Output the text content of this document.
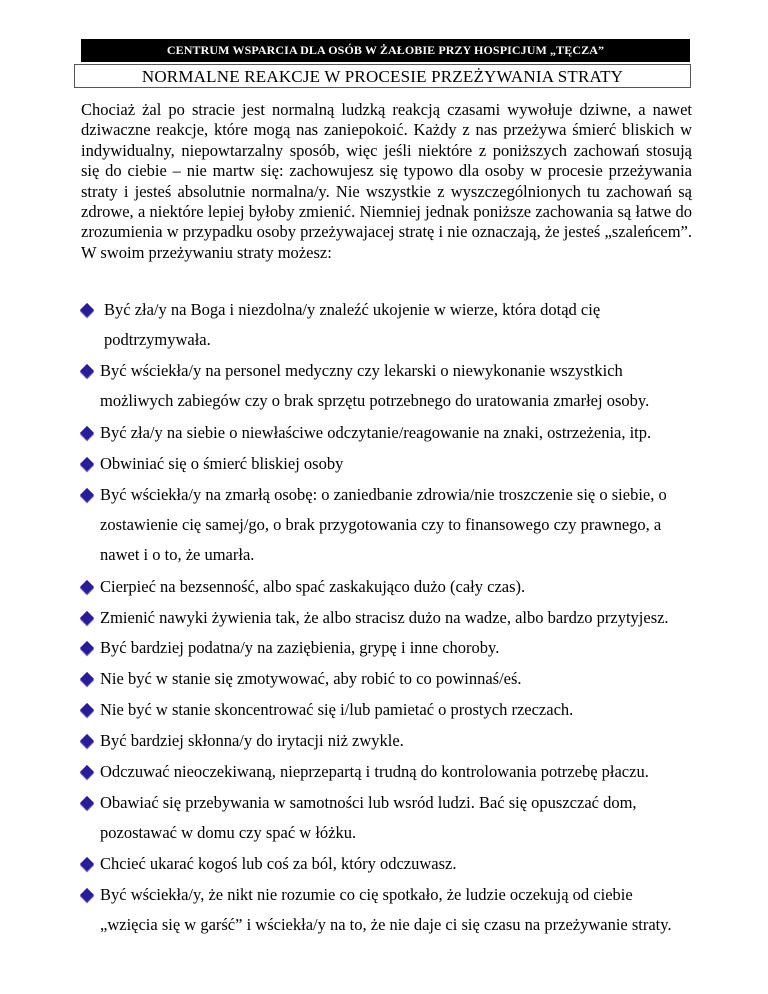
CENTRUM WSPARCIA DLA OSÓB W ŻAŁOBIE PRZY HOSPICJUM „TĘCZA”
NORMALNE REAKCJE W PROCESIE PRZEŻYWANIA STRATY

Chociaż żal po stracie jest normalną ludzką reakcją czasami wywołuje dziwne, a nawet dziwaczne reakcje, które mogą nas zaniepokoić. Każdy z nas przeżywa śmierć bliskich w indywidualny, niepowtarzalny sposób, więc jeśli niektóre z poniższych zachowań stosują się do ciebie – nie martw się: zachowujesz się typowo dla osoby w procesie przeżywania straty i jesteś absolutnie normalna/y. Nie wszystkie z wyszczególnionych tu zachowań są zdrowe, a niektóre lepiej byłoby zmienić. Niemniej jednak poniższe zachowania są łatwe do zrozumienia w przypadku osoby przeżywajacej stratę i nie oznaczają, że jesteś „szaleńcem”. W swoim przeżywaniu straty możesz:

Być zła/y na Boga i niezdolna/y znaleźć ukojenie w wierze, która dotąd cię podtrzymywała.
Być wściekła/y na personel medyczny czy lekarski o niewykonanie wszystkich możliwych zabiegów czy o brak sprzętu potrzebnego do uratowania zmarłej osoby.
Być zła/y na siebie o niewłaściwe odczytanie/reagowanie na znaki, ostrzeżenia, itp.
Obwiniać się o śmierć bliskiej osoby
Być wściekła/y na zmarłą osobę: o zaniedbanie zdrowia/nie troszczenie się o siebie, o zostawienie cię samej/go, o brak przygotowania czy to finansowego czy prawnego, a nawet i o to, że umarła.
Cierpieć na bezsenność, albo spać zaskakująco dużo (cały czas).
Zmienić nawyki żywienia tak, że albo stracisz dużo na wadze, albo bardzo przytyjesz.
Być bardziej podatna/y na zaziębienia, grypę i inne choroby.
Nie być w stanie się zmotywować, aby robić to co powinnaś/eś.
Nie być w stanie skoncentrować się i/lub pamietać o prostych rzeczach.
Być bardziej skłonna/y do irytacji niż zwykle.
Odczuwać nieoczekiwaną, nieprzepartą i trudną do kontrolowania potrzebę płaczu.
Obawiać się przebywania w samotności lub wsród ludzi. Bać się opuszczać dom, pozostawać w domu czy spać w łóżku.
Chcieć ukarać kogoś lub coś za ból, który odczuwasz.
Być wściekła/y, że nikt nie rozumie co cię spotkało, że ludzie oczekują od ciebie „wzięcia się w garść” i wściekła/y na to, że nie daje ci się czasu na przeżywanie straty.
